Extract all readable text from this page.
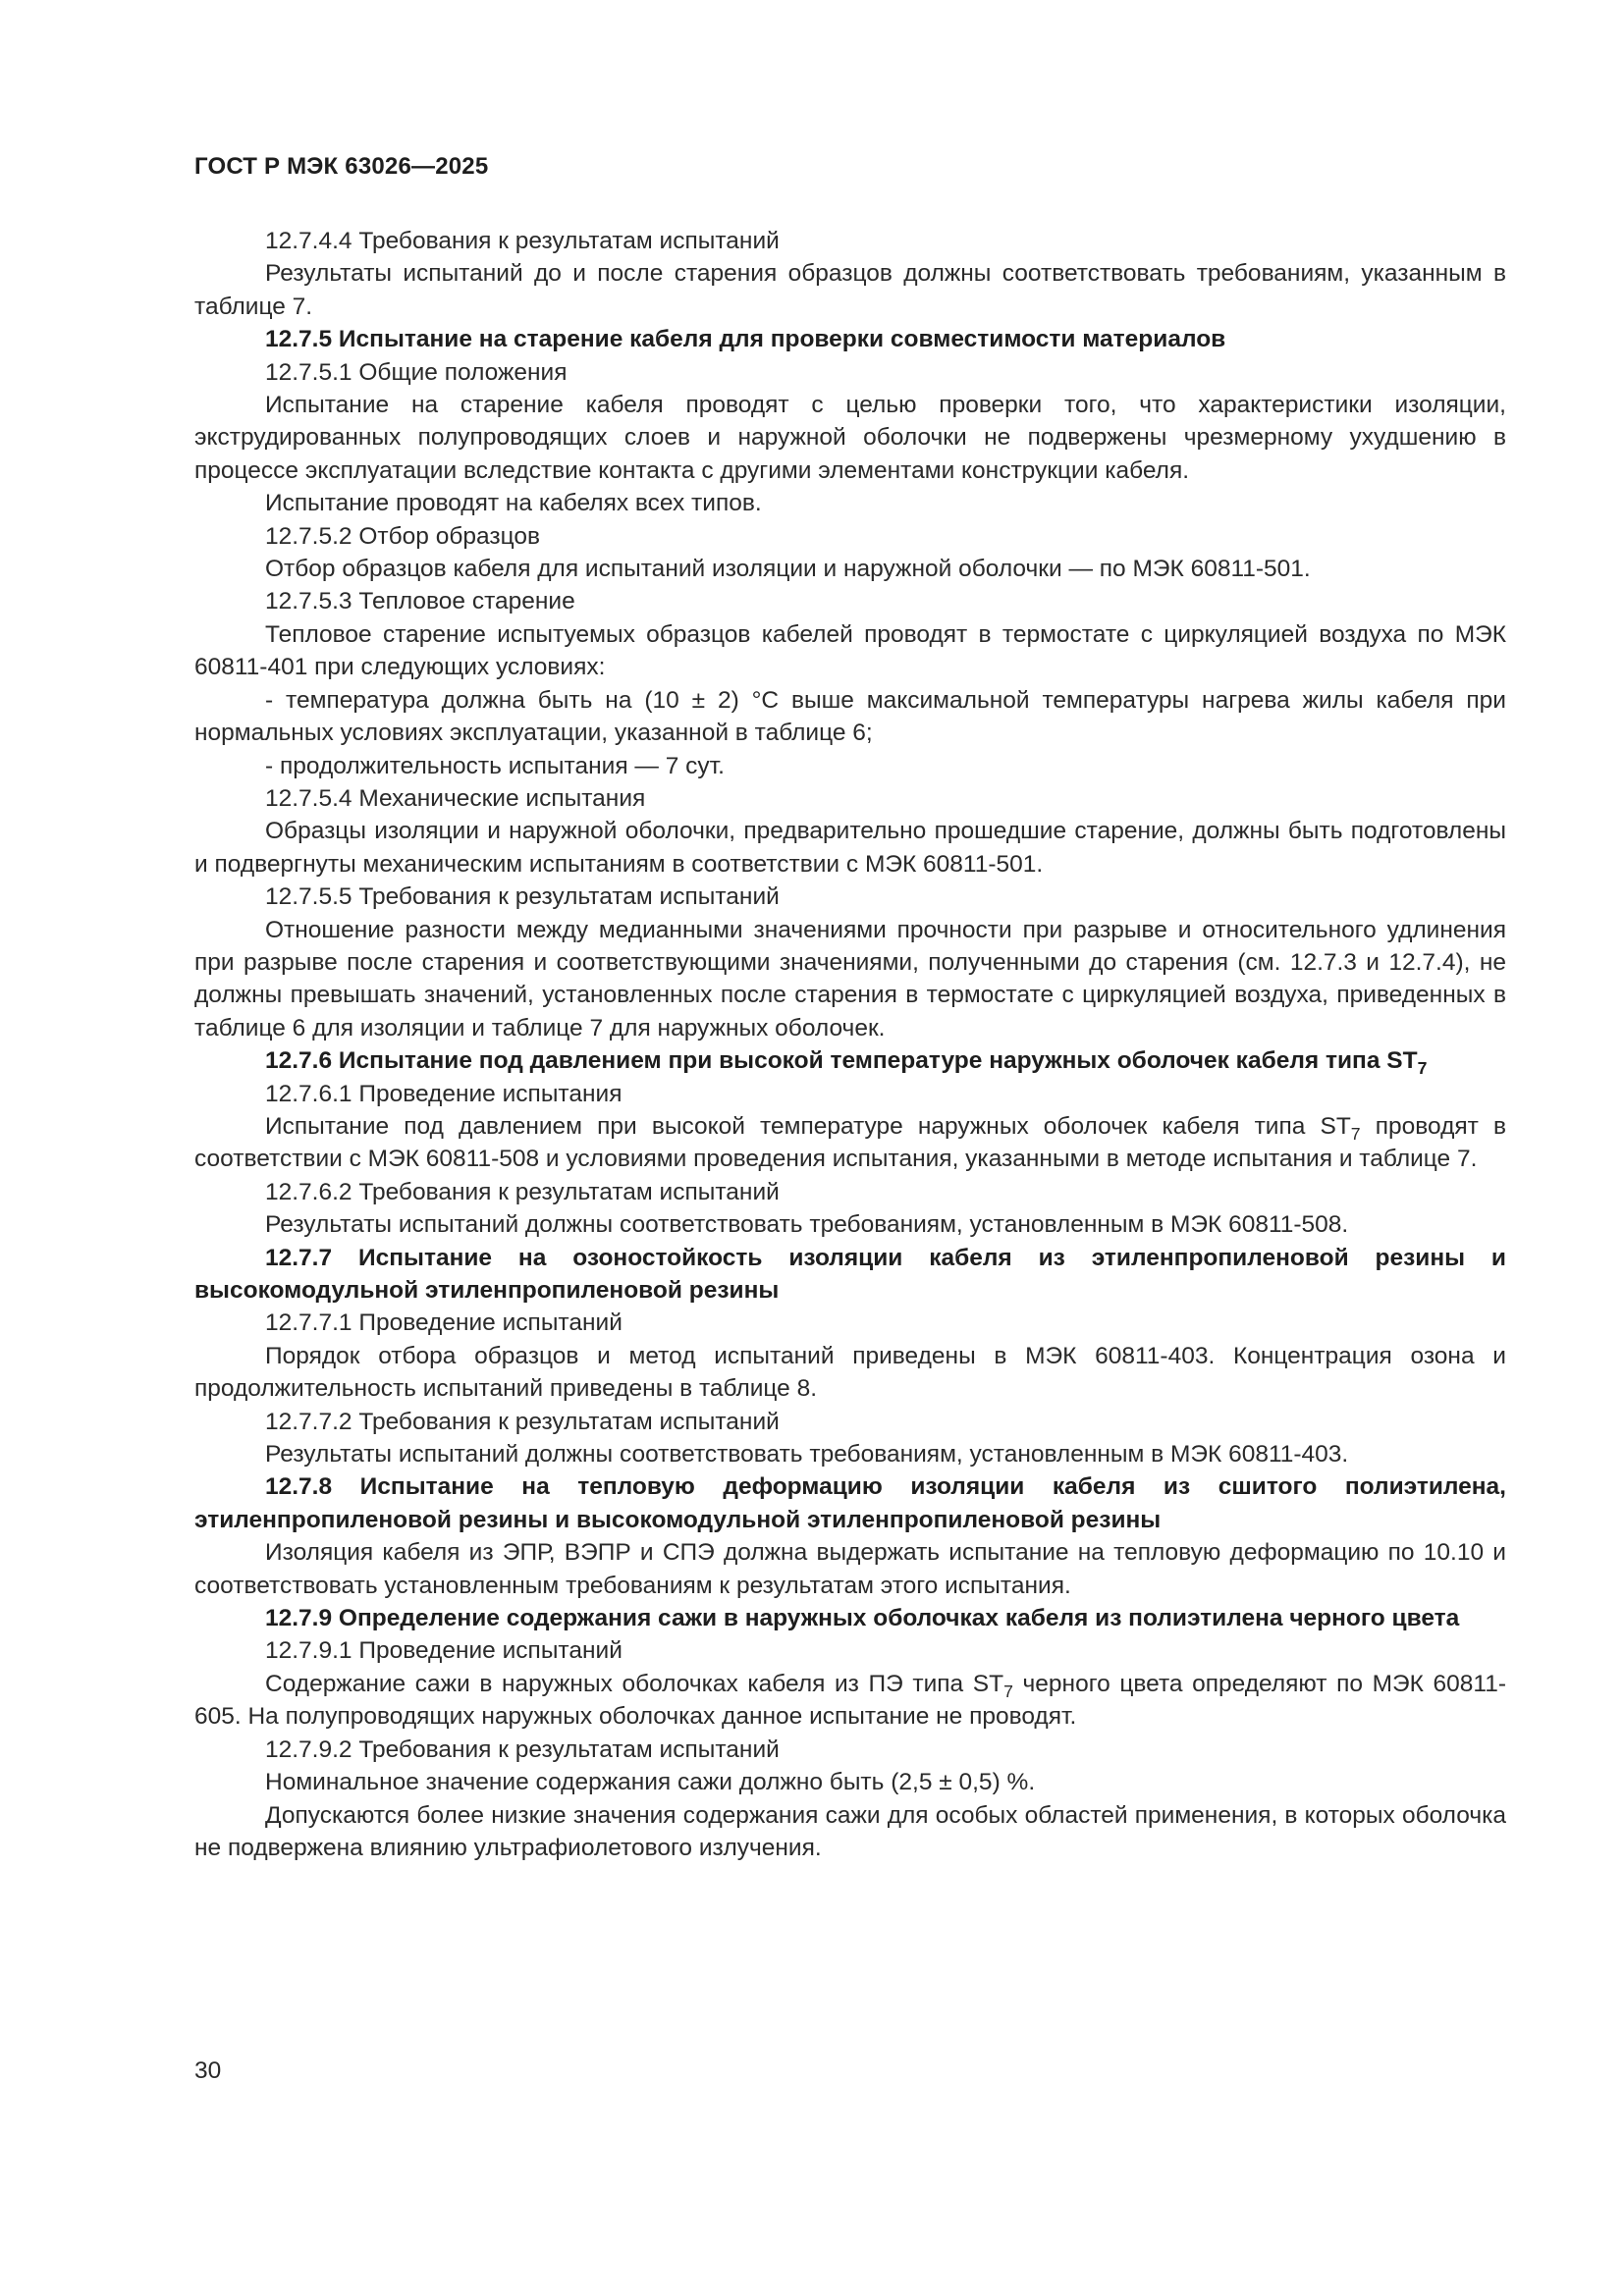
ГОСТ Р МЭК 63026—2025

12.7.4.4 Требования к результатам испытаний

Результаты испытаний до и после старения образцов должны соответствовать требованиям, указанным в таблице 7.

12.7.5 Испытание на старение кабеля для проверки совместимости материалов

12.7.5.1 Общие положения

Испытание на старение кабеля проводят с целью проверки того, что характеристики изоляции, экструдированных полупроводящих слоев и наружной оболочки не подвержены чрезмерному ухудшению в процессе эксплуатации вследствие контакта с другими элементами конструкции кабеля.

Испытание проводят на кабелях всех типов.

12.7.5.2 Отбор образцов

Отбор образцов кабеля для испытаний изоляции и наружной оболочки — по МЭК 60811-501.

12.7.5.3 Тепловое старение

Тепловое старение испытуемых образцов кабелей проводят в термостате с циркуляцией воздуха по МЭК 60811-401 при следующих условиях:

- температура должна быть на (10 ± 2) °С выше максимальной температуры нагрева жилы кабеля при нормальных условиях эксплуатации, указанной в таблице 6;

- продолжительность испытания — 7 сут.

12.7.5.4 Механические испытания

Образцы изоляции и наружной оболочки, предварительно прошедшие старение, должны быть подготовлены и подвергнуты механическим испытаниям в соответствии с МЭК 60811-501.

12.7.5.5 Требования к результатам испытаний

Отношение разности между медианными значениями прочности при разрыве и относительного удлинения при разрыве после старения и соответствующими значениями, полученными до старения (см. 12.7.3 и 12.7.4), не должны превышать значений, установленных после старения в термостате с циркуляцией воздуха, приведенных в таблице 6 для изоляции и таблице 7 для наружных оболочек.

12.7.6 Испытание под давлением при высокой температуре наружных оболочек кабеля типа $ST_7$

12.7.6.1 Проведение испытания

Испытание под давлением при высокой температуре наружных оболочек кабеля типа $ST_7$ проводят в соответствии с МЭК 60811-508 и условиями проведения испытания, указанными в методе испытания и таблице 7.

12.7.6.2 Требования к результатам испытаний

Результаты испытаний должны соответствовать требованиям, установленным в МЭК 60811-508.

12.7.7 Испытание на озоностойкость изоляции кабеля из этиленпропиленовой резины и высокомодульной этиленпропиленовой резины

12.7.7.1 Проведение испытаний

Порядок отбора образцов и метод испытаний приведены в МЭК 60811-403. Концентрация озона и продолжительность испытаний приведены в таблице 8.

12.7.7.2 Требования к результатам испытаний

Результаты испытаний должны соответствовать требованиям, установленным в МЭК 60811-403.

12.7.8 Испытание на тепловую деформацию изоляции кабеля из сшитого полиэтилена, этиленпропиленовой резины и высокомодульной этиленпропиленовой резины

Изоляция кабеля из ЭПР, ВЭПР и СПЭ должна выдержать испытание на тепловую деформацию по 10.10 и соответствовать установленным требованиям к результатам этого испытания.

12.7.9 Определение содержания сажи в наружных оболочках кабеля из полиэтилена черного цвета

12.7.9.1 Проведение испытаний

Содержание сажи в наружных оболочках кабеля из ПЭ типа $ST_7$ черного цвета определяют по МЭК 60811-605. На полупроводящих наружных оболочках данное испытание не проводят.

12.7.9.2 Требования к результатам испытаний

Номинальное значение содержания сажи должно быть (2,5 ± 0,5) %.

Допускаются более низкие значения содержания сажи для особых областей применения, в которых оболочка не подвержена влиянию ультрафиолетового излучения.

30
